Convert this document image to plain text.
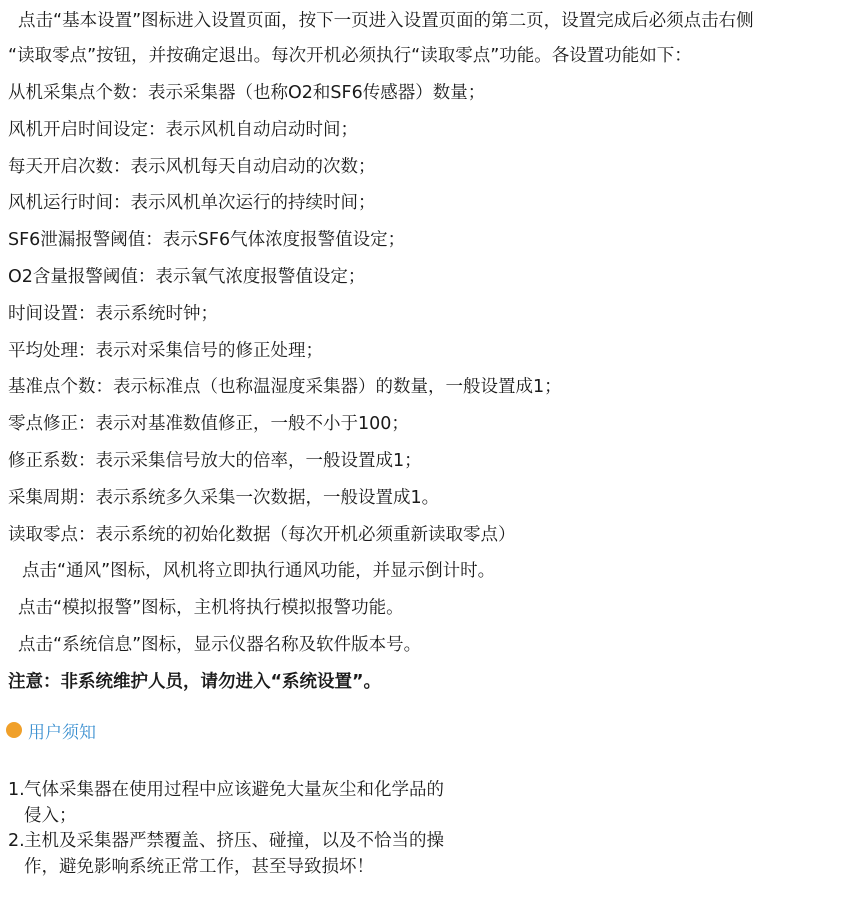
点击“基本设置”图标进入设置页面，按下一页进入设置页面的第二页，设置完成后必须点击右侧

“读取零点”按钮，并按确定退出。每次开机必须执行“读取零点”功能。各设置功能如下：

从机采集点个数：表示采集器（也称O2和SF6传感器）数量；
风机开启时间设定：表示风机自动启动时间；
每天开启次数：表示风机每天自动启动的次数；
风机运行时间：表示风机单次运行的持续时间；
SF6泄漏报警阈值：表示SF6气体浓度报警值设定；
O2含量报警阈值：表示氧气浓度报警值设定；
时间设置：表示系统时钟；
平均处理：表示对采集信号的修正处理；
基准点个数：表示标准点（也称温湿度采集器）的数量，一般设置成1；
零点修正：表示对基准数值修正，一般不小于100；
修正系数：表示采集信号放大的倍率，一般设置成1；
采集周期：表示系统多久采集一次数据，一般设置成1。
读取零点：表示系统的初始化数据（每次开机必须重新读取零点）
点击“通风”图标，风机将立即执行通风功能，并显示倒计时。
点击“模拟报警”图标，主机将执行模拟报警功能。
点击“系统信息”图标，显示仪器名称及软件版本号。
注意：非系统维护人员，请勿进入“系统设置”。
用户须知
1. 气体采集器在使用过程中应该避免大量灰尘和化学品的侵入；
2. 主机及采集器严禁覆盖、挤压、碰撞，以及不恰当的操作，避免影响系统正常工作，甚至导致损坏！
